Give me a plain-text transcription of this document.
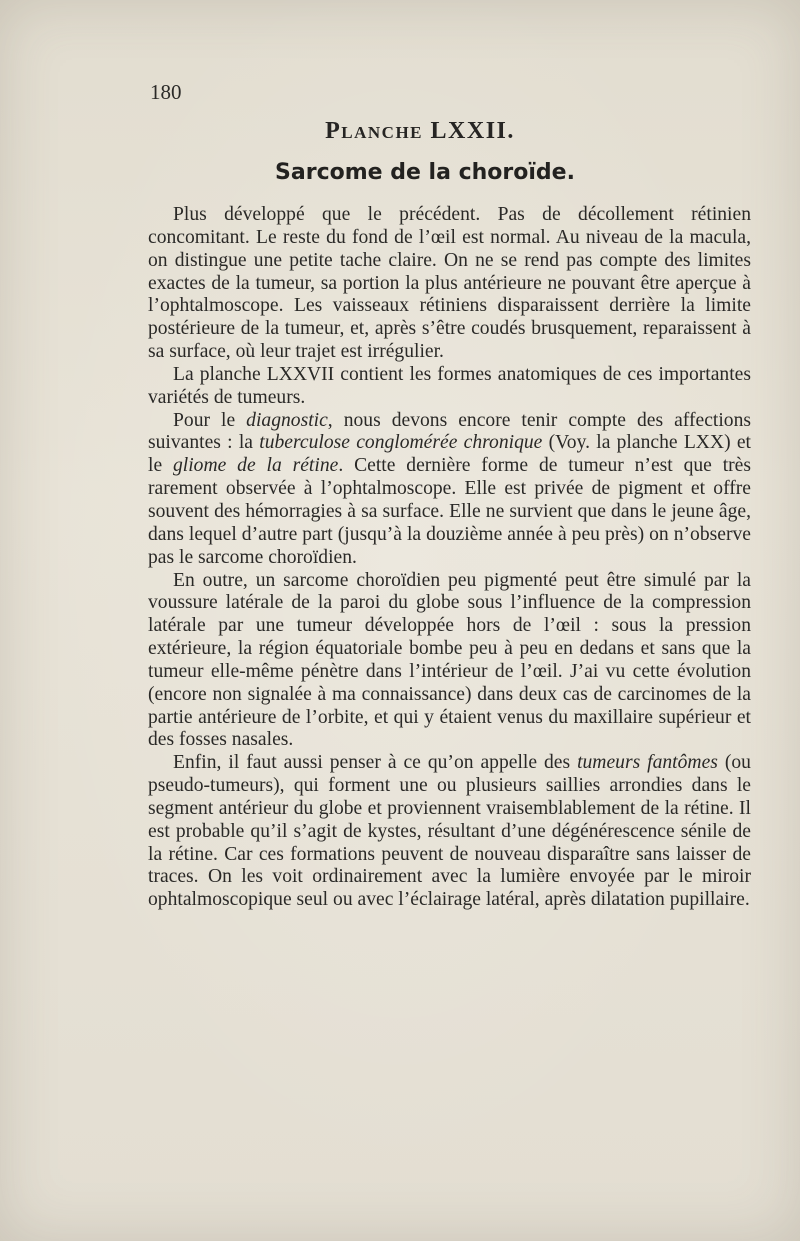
180

Planche LXXII.
Sarcome de la choroïde.

Plus développé que le précédent. Pas de décollement rétinien concomitant. Le reste du fond de l’œil est normal. Au niveau de la macula, on distingue une petite tache claire. On ne se rend pas compte des limites exactes de la tumeur, sa portion la plus antérieure ne pouvant être aperçue à l’ophtalmoscope. Les vaisseaux rétiniens disparaissent derrière la limite postérieure de la tumeur, et, après s’être coudés brusquement, reparaissent à sa surface, où leur trajet est irrégulier.

La planche LXXVII contient les formes anatomiques de ces importantes variétés de tumeurs.

Pour le diagnostic, nous devons encore tenir compte des affections suivantes : la tuberculose conglomérée chronique (Voy. la planche LXX) et le gliome de la rétine. Cette dernière forme de tumeur n’est que très rarement observée à l’ophtalmoscope. Elle est privée de pigment et offre souvent des hémorragies à sa surface. Elle ne survient que dans le jeune âge, dans lequel d’autre part (jusqu’à la douzième année à peu près) on n’observe pas le sarcome choroïdien.

En outre, un sarcome choroïdien peu pigmenté peut être simulé par la voussure latérale de la paroi du globe sous l’influence de la compression latérale par une tumeur développée hors de l’œil : sous la pression extérieure, la région équatoriale bombe peu à peu en dedans et sans que la tumeur elle-même pénètre dans l’intérieur de l’œil. J’ai vu cette évolution (encore non signalée à ma connaissance) dans deux cas de carcinomes de la partie antérieure de l’orbite, et qui y étaient venus du maxillaire supérieur et des fosses nasales.

Enfin, il faut aussi penser à ce qu’on appelle des tumeurs fantômes (ou pseudo-tumeurs), qui forment une ou plusieurs saillies arrondies dans le segment antérieur du globe et proviennent vraisemblablement de la rétine. Il est probable qu’il s’agit de kystes, résultant d’une dégénérescence sénile de la rétine. Car ces formations peuvent de nouveau disparaître sans laisser de traces. On les voit ordinairement avec la lumière envoyée par le miroir ophtalmoscopique seul ou avec l’éclairage latéral, après dilatation pupillaire.
